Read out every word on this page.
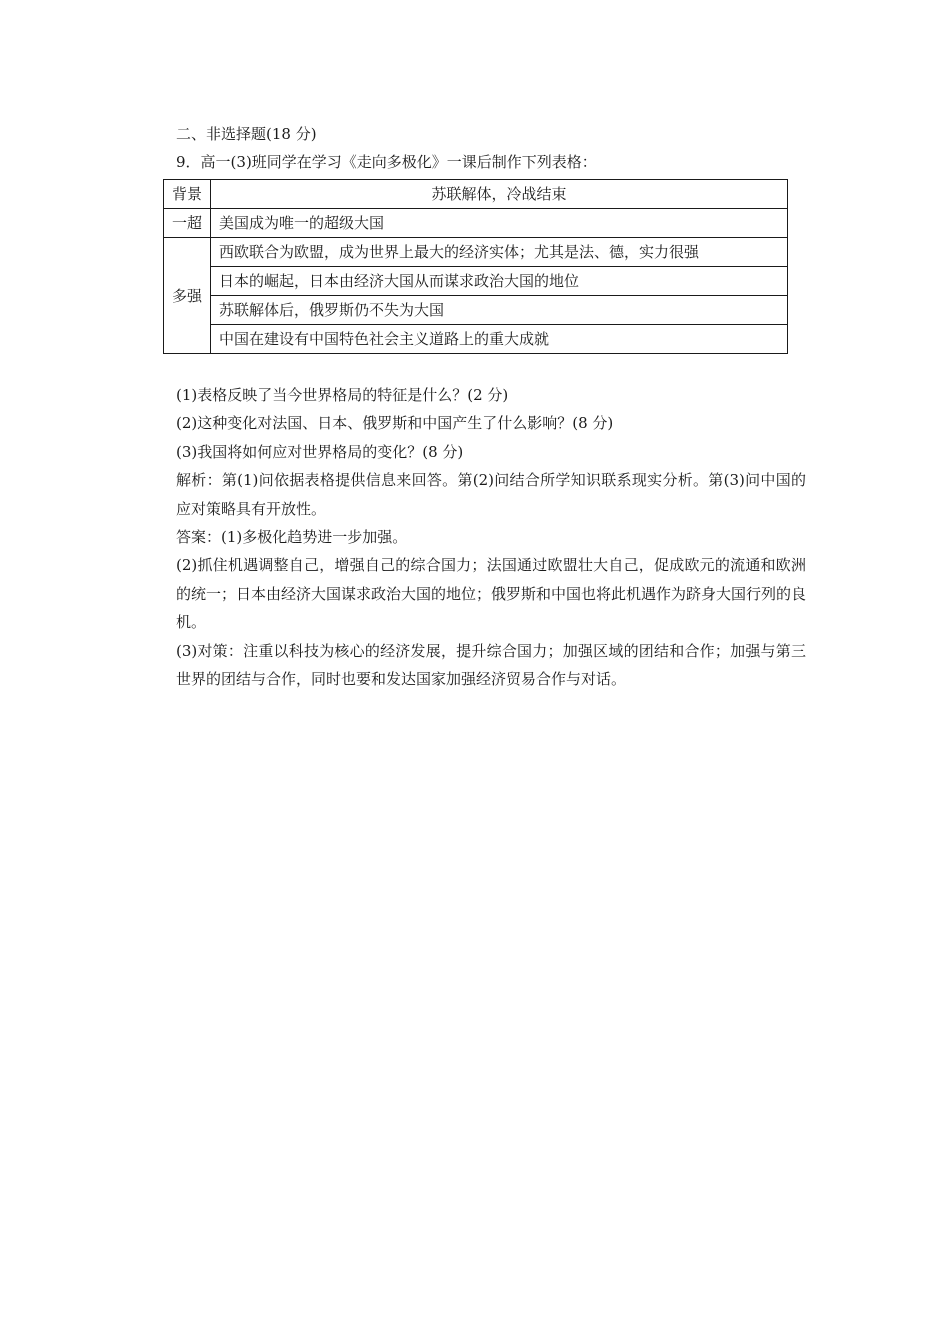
二、非选择题(18 分)
9．高一(3)班同学在学习《走向多极化》一课后制作下列表格：
背景	苏联解体，冷战结束
一超	美国成为唯一的超级大国
多强	西欧联合为欧盟，成为世界上最大的经济实体；尤其是法、德，实力很强
	日本的崛起，日本由经济大国从而谋求政治大国的地位
	苏联解体后，俄罗斯仍不失为大国
	中国在建设有中国特色社会主义道路上的重大成就
(1)表格反映了当今世界格局的特征是什么？(2 分)
(2)这种变化对法国、日本、俄罗斯和中国产生了什么影响？(8 分)
(3)我国将如何应对世界格局的变化？(8 分)
解析：第(1)问依据表格提供信息来回答。第(2)问结合所学知识联系现实分析。第(3)问中国的应对策略具有开放性。
答案：(1)多极化趋势进一步加强。
(2)抓住机遇调整自己，增强自己的综合国力；法国通过欧盟壮大自己，促成欧元的流通和欧洲的统一；日本由经济大国谋求政治大国的地位；俄罗斯和中国也将此机遇作为跻身大国行列的良机。
(3)对策：注重以科技为核心的经济发展，提升综合国力；加强区域的团结和合作；加强与第三世界的团结与合作，同时也要和发达国家加强经济贸易合作与对话。
